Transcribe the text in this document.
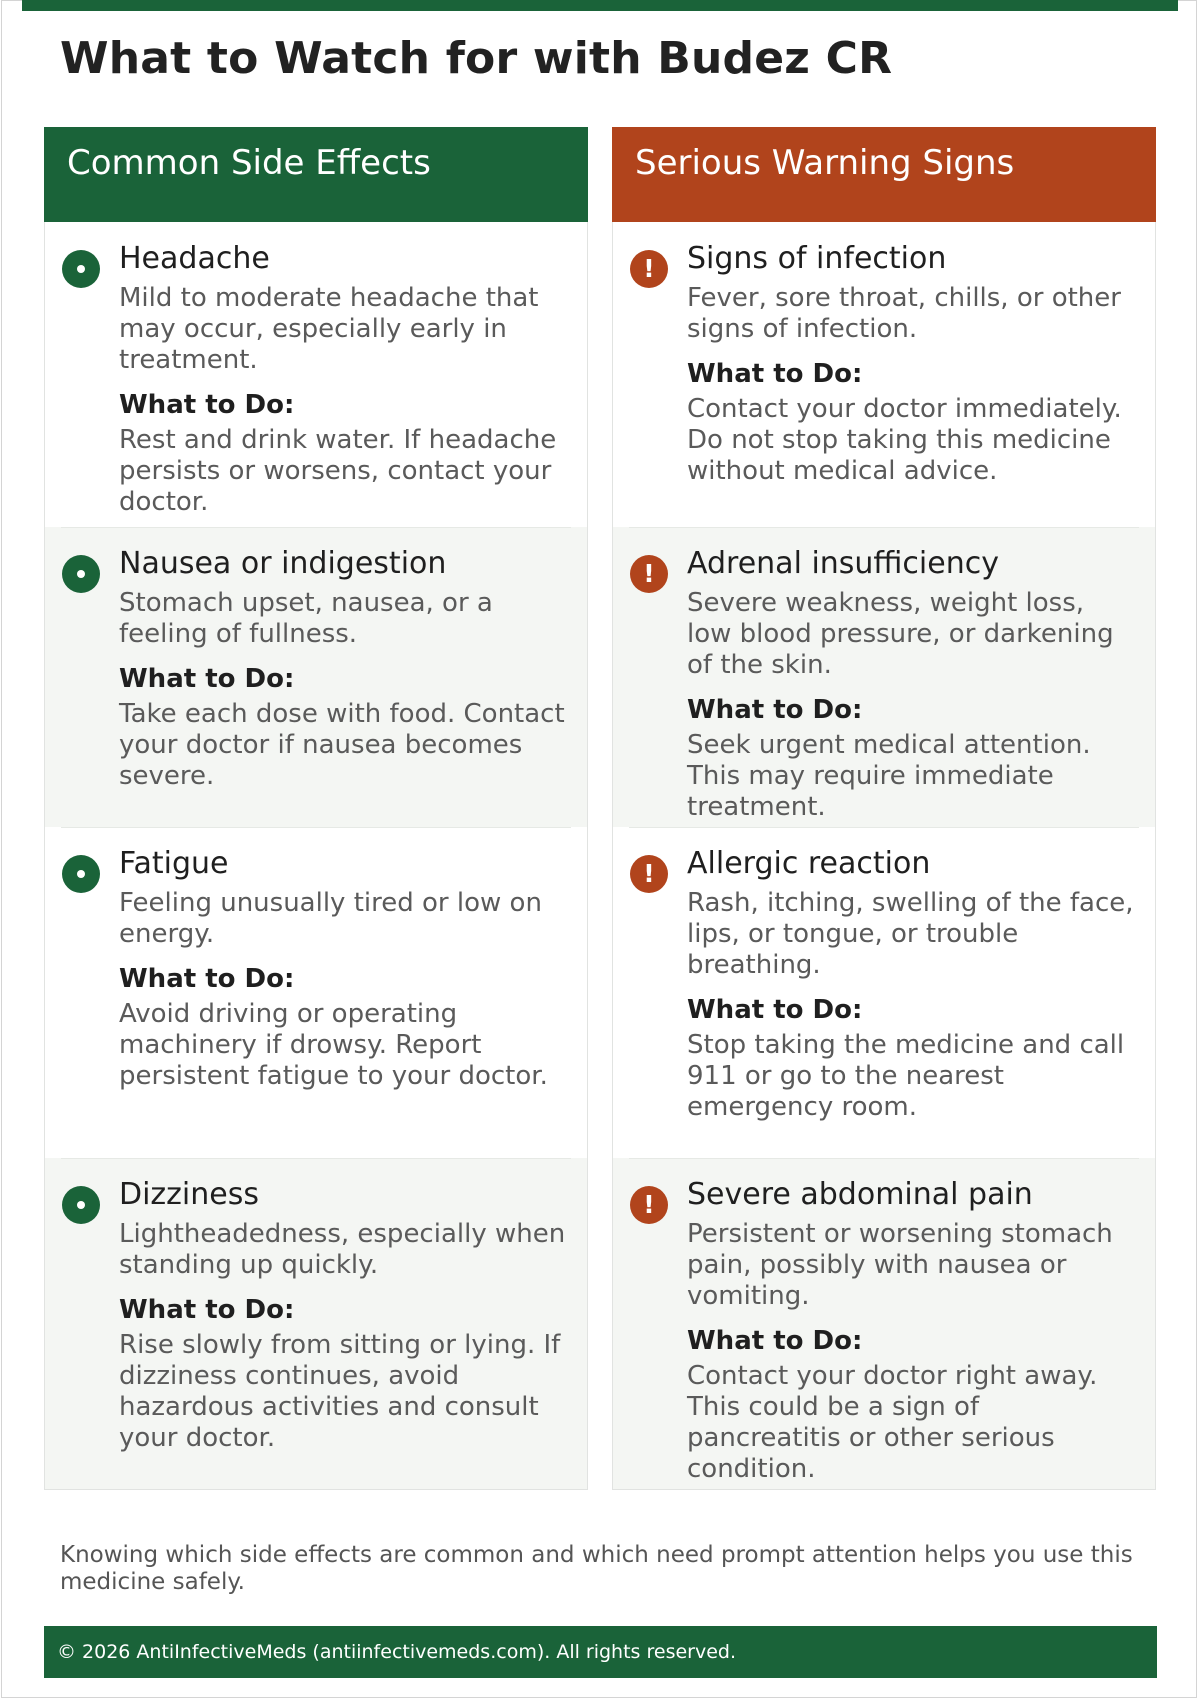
What to Watch for with Budez CR
Common Side Effects
Headache
Mild to moderate headache that may occur, especially early in treatment.
What to Do:
Rest and drink water. If headache persists or worsens, contact your doctor.
Nausea or indigestion
Stomach upset, nausea, or a feeling of fullness.
What to Do:
Take each dose with food. Contact your doctor if nausea becomes severe.
Fatigue
Feeling unusually tired or low on energy.
What to Do:
Avoid driving or operating machinery if drowsy. Report persistent fatigue to your doctor.
Dizziness
Lightheadedness, especially when standing up quickly.
What to Do:
Rise slowly from sitting or lying. If dizziness continues, avoid hazardous activities and consult your doctor.
Serious Warning Signs
!	Signs of infection
Fever, sore throat, chills, or other signs of infection.
What to Do:
Contact your doctor immediately. Do not stop taking this medicine without medical advice.
!	Adrenal insufficiency
Severe weakness, weight loss, low blood pressure, or darkening of the skin.
What to Do:
Seek urgent medical attention. This may require immediate treatment.
!	Allergic reaction
Rash, itching, swelling of the face, lips, or tongue, or trouble breathing.
What to Do:
Stop taking the medicine and call 911 or go to the nearest emergency room.
!	Severe abdominal pain
Persistent or worsening stomach pain, possibly with nausea or vomiting.
What to Do:
Contact your doctor right away. This could be a sign of pancreatitis or other serious condition.

Knowing which side effects are common and which need prompt attention helps you use this medicine safely.

© 2026 AntiInfectiveMeds (antiinfectivemeds.com). All rights reserved.
